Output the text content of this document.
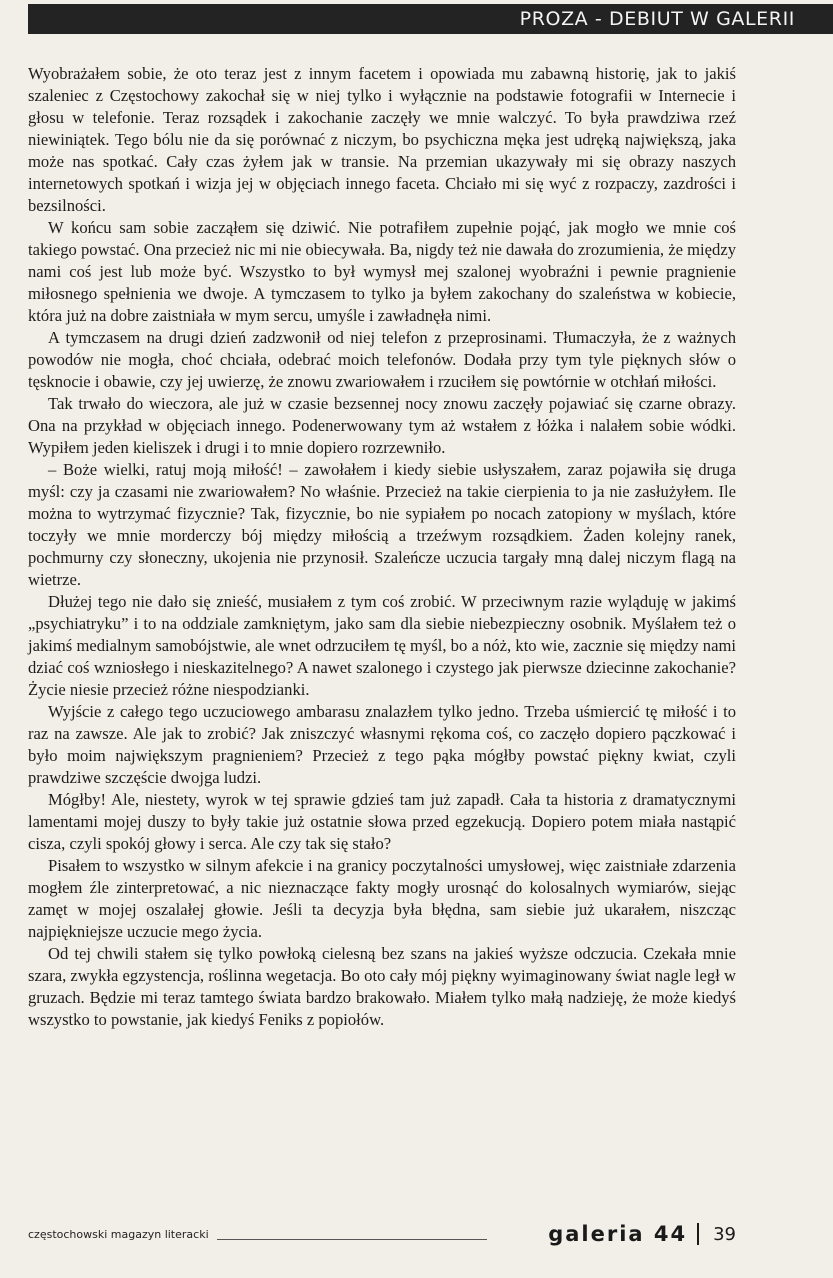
PROZA - DEBIUT W GALERII

Wyobrażałem sobie, że oto teraz jest z innym facetem i opowiada mu zabawną historię, jak to jakiś szaleniec z Częstochowy zakochał się w niej tylko i wyłącznie na podstawie fotografii w Internecie i głosu w telefonie. Teraz rozsądek i zakochanie zaczęły we mnie walczyć. To była prawdziwa rzeź niewiniątek. Tego bólu nie da się porównać z niczym, bo psychiczna męka jest udręką największą, jaka może nas spotkać. Cały czas żyłem jak w transie. Na przemian ukazywały mi się obrazy naszych internetowych spotkań i wizja jej w objęciach innego faceta. Chciało mi się wyć z rozpaczy, zazdrości i bezsilności.

W końcu sam sobie zacząłem się dziwić. Nie potrafiłem zupełnie pojąć, jak mogło we mnie coś takiego powstać. Ona przecież nic mi nie obiecywała. Ba, nigdy też nie dawała do zrozumienia, że między nami coś jest lub może być. Wszystko to był wymysł mej szalonej wyobraźni i pewnie pragnienie miłosnego spełnienia we dwoje. A tymczasem to tylko ja byłem zakochany do szaleństwa w kobiecie, która już na dobre zaistniała w mym sercu, umyśle i zawładnęła nimi.

A tymczasem na drugi dzień zadzwonił od niej telefon z przeprosinami. Tłumaczyła, że z ważnych powodów nie mogła, choć chciała, odebrać moich telefonów. Dodała przy tym tyle pięknych słów o tęsknocie i obawie, czy jej uwierzę, że znowu zwariowałem i rzuciłem się powtórnie w otchłań miłości.

Tak trwało do wieczora, ale już w czasie bezsennej nocy znowu zaczęły pojawiać się czarne obrazy. Ona na przykład w objęciach innego. Podenerwowany tym aż wstałem z łóżka i nalałem sobie wódki. Wypiłem jeden kieliszek i drugi i to mnie dopiero rozrzewniło.

– Boże wielki, ratuj moją miłość! – zawołałem i kiedy siebie usłyszałem, zaraz pojawiła się druga myśl: czy ja czasami nie zwariowałem? No właśnie. Przecież na takie cierpienia to ja nie zasłużyłem. Ile można to wytrzymać fizycznie? Tak, fizycznie, bo nie sypiałem po nocach zatopiony w myślach, które toczyły we mnie morderczy bój między miłością a trzeźwym rozsądkiem. Żaden kolejny ranek, pochmurny czy słoneczny, ukojenia nie przynosił. Szaleńcze uczucia targały mną dalej niczym flagą na wietrze.

Dłużej tego nie dało się znieść, musiałem z tym coś zrobić. W przeciwnym razie wyląduję w jakimś „psychiatryku” i to na oddziale zamkniętym, jako sam dla siebie niebezpieczny osobnik. Myślałem też o jakimś medialnym samobójstwie, ale wnet odrzuciłem tę myśl, bo a nóż, kto wie, zacznie się między nami dziać coś wzniosłego i nieskazitelnego? A nawet szalonego i czystego jak pierwsze dziecinne zakochanie? Życie niesie przecież różne niespodzianki.

Wyjście z całego tego uczuciowego ambarasu znalazłem tylko jedno. Trzeba uśmiercić tę miłość i to raz na zawsze. Ale jak to zrobić? Jak zniszczyć własnymi rękoma coś, co zaczęło dopiero pączkować i było moim największym pragnieniem? Przecież z tego pąka mógłby powstać piękny kwiat, czyli prawdziwe szczęście dwojga ludzi.

Mógłby! Ale, niestety, wyrok w tej sprawie gdzieś tam już zapadł. Cała ta historia z dramatycznymi lamentami mojej duszy to były takie już ostatnie słowa przed egzekucją. Dopiero potem miała nastąpić cisza, czyli spokój głowy i serca. Ale czy tak się stało?

Pisałem to wszystko w silnym afekcie i na granicy poczytalności umysłowej, więc zaistniałe zdarzenia mogłem źle zinterpretować, a nic nieznaczące fakty mogły urosnąć do kolosalnych wymiarów, siejąc zamęt w mojej oszalałej głowie. Jeśli ta decyzja była błędna, sam siebie już ukarałem, niszcząc najpiękniejsze uczucie mego życia.

Od tej chwili stałem się tylko powłoką cielesną bez szans na jakieś wyższe odczucia. Czekała mnie szara, zwykła egzystencja, roślinna wegetacja. Bo oto cały mój piękny wyimaginowany świat nagle legł w gruzach. Będzie mi teraz tamtego świata bardzo brakowało. Miałem tylko małą nadzieję, że może kiedyś wszystko to powstanie, jak kiedyś Feniks z popiołów.

częstochowski magazyn literacki	galeria 44 39
